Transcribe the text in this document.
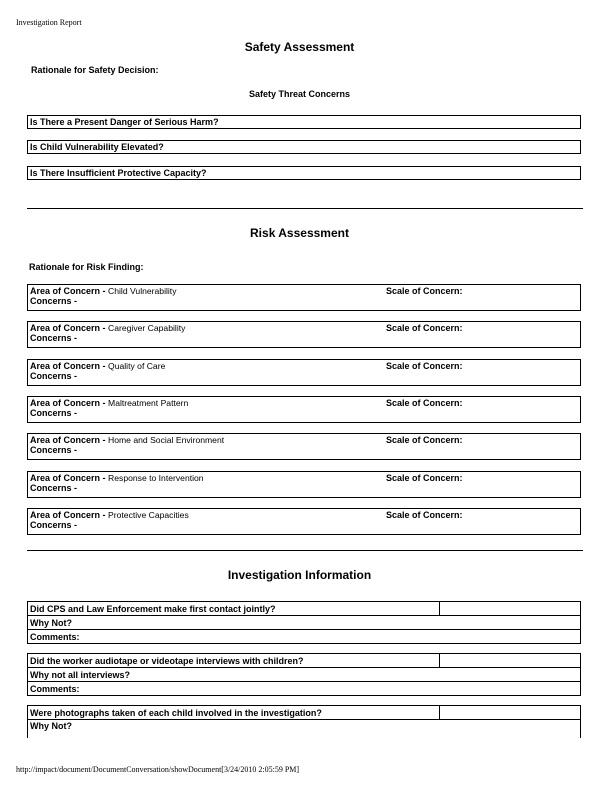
Investigation Report
Safety Assessment
Rationale for Safety Decision:
Safety Threat Concerns
Is There a Present Danger of Serious Harm?
Is Child Vulnerability Elevated?
Is There Insufficient Protective Capacity?
Risk Assessment
Rationale for Risk Finding:
Area of Concern - Child Vulnerability	Scale of Concern:
Concerns -
Area of Concern - Caregiver Capability	Scale of Concern:
Concerns -
Area of Concern - Quality of Care	Scale of Concern:
Concerns -
Area of Concern - Maltreatment Pattern	Scale of Concern:
Concerns -
Area of Concern - Home and Social Environment	Scale of Concern:
Concerns -
Area of Concern - Response to Intervention	Scale of Concern:
Concerns -
Area of Concern - Protective Capacities	Scale of Concern:
Concerns -
Investigation Information
Did CPS and Law Enforcement make first contact jointly?	
Why Not?
Comments:
Did the worker audiotape or videotape interviews with children?	
Why not all interviews?
Comments:
Were photographs taken of each child involved in the investigation?	
Why Not?
http://impact/document/DocumentConversation/showDocument[3/24/2010 2:05:59 PM]
